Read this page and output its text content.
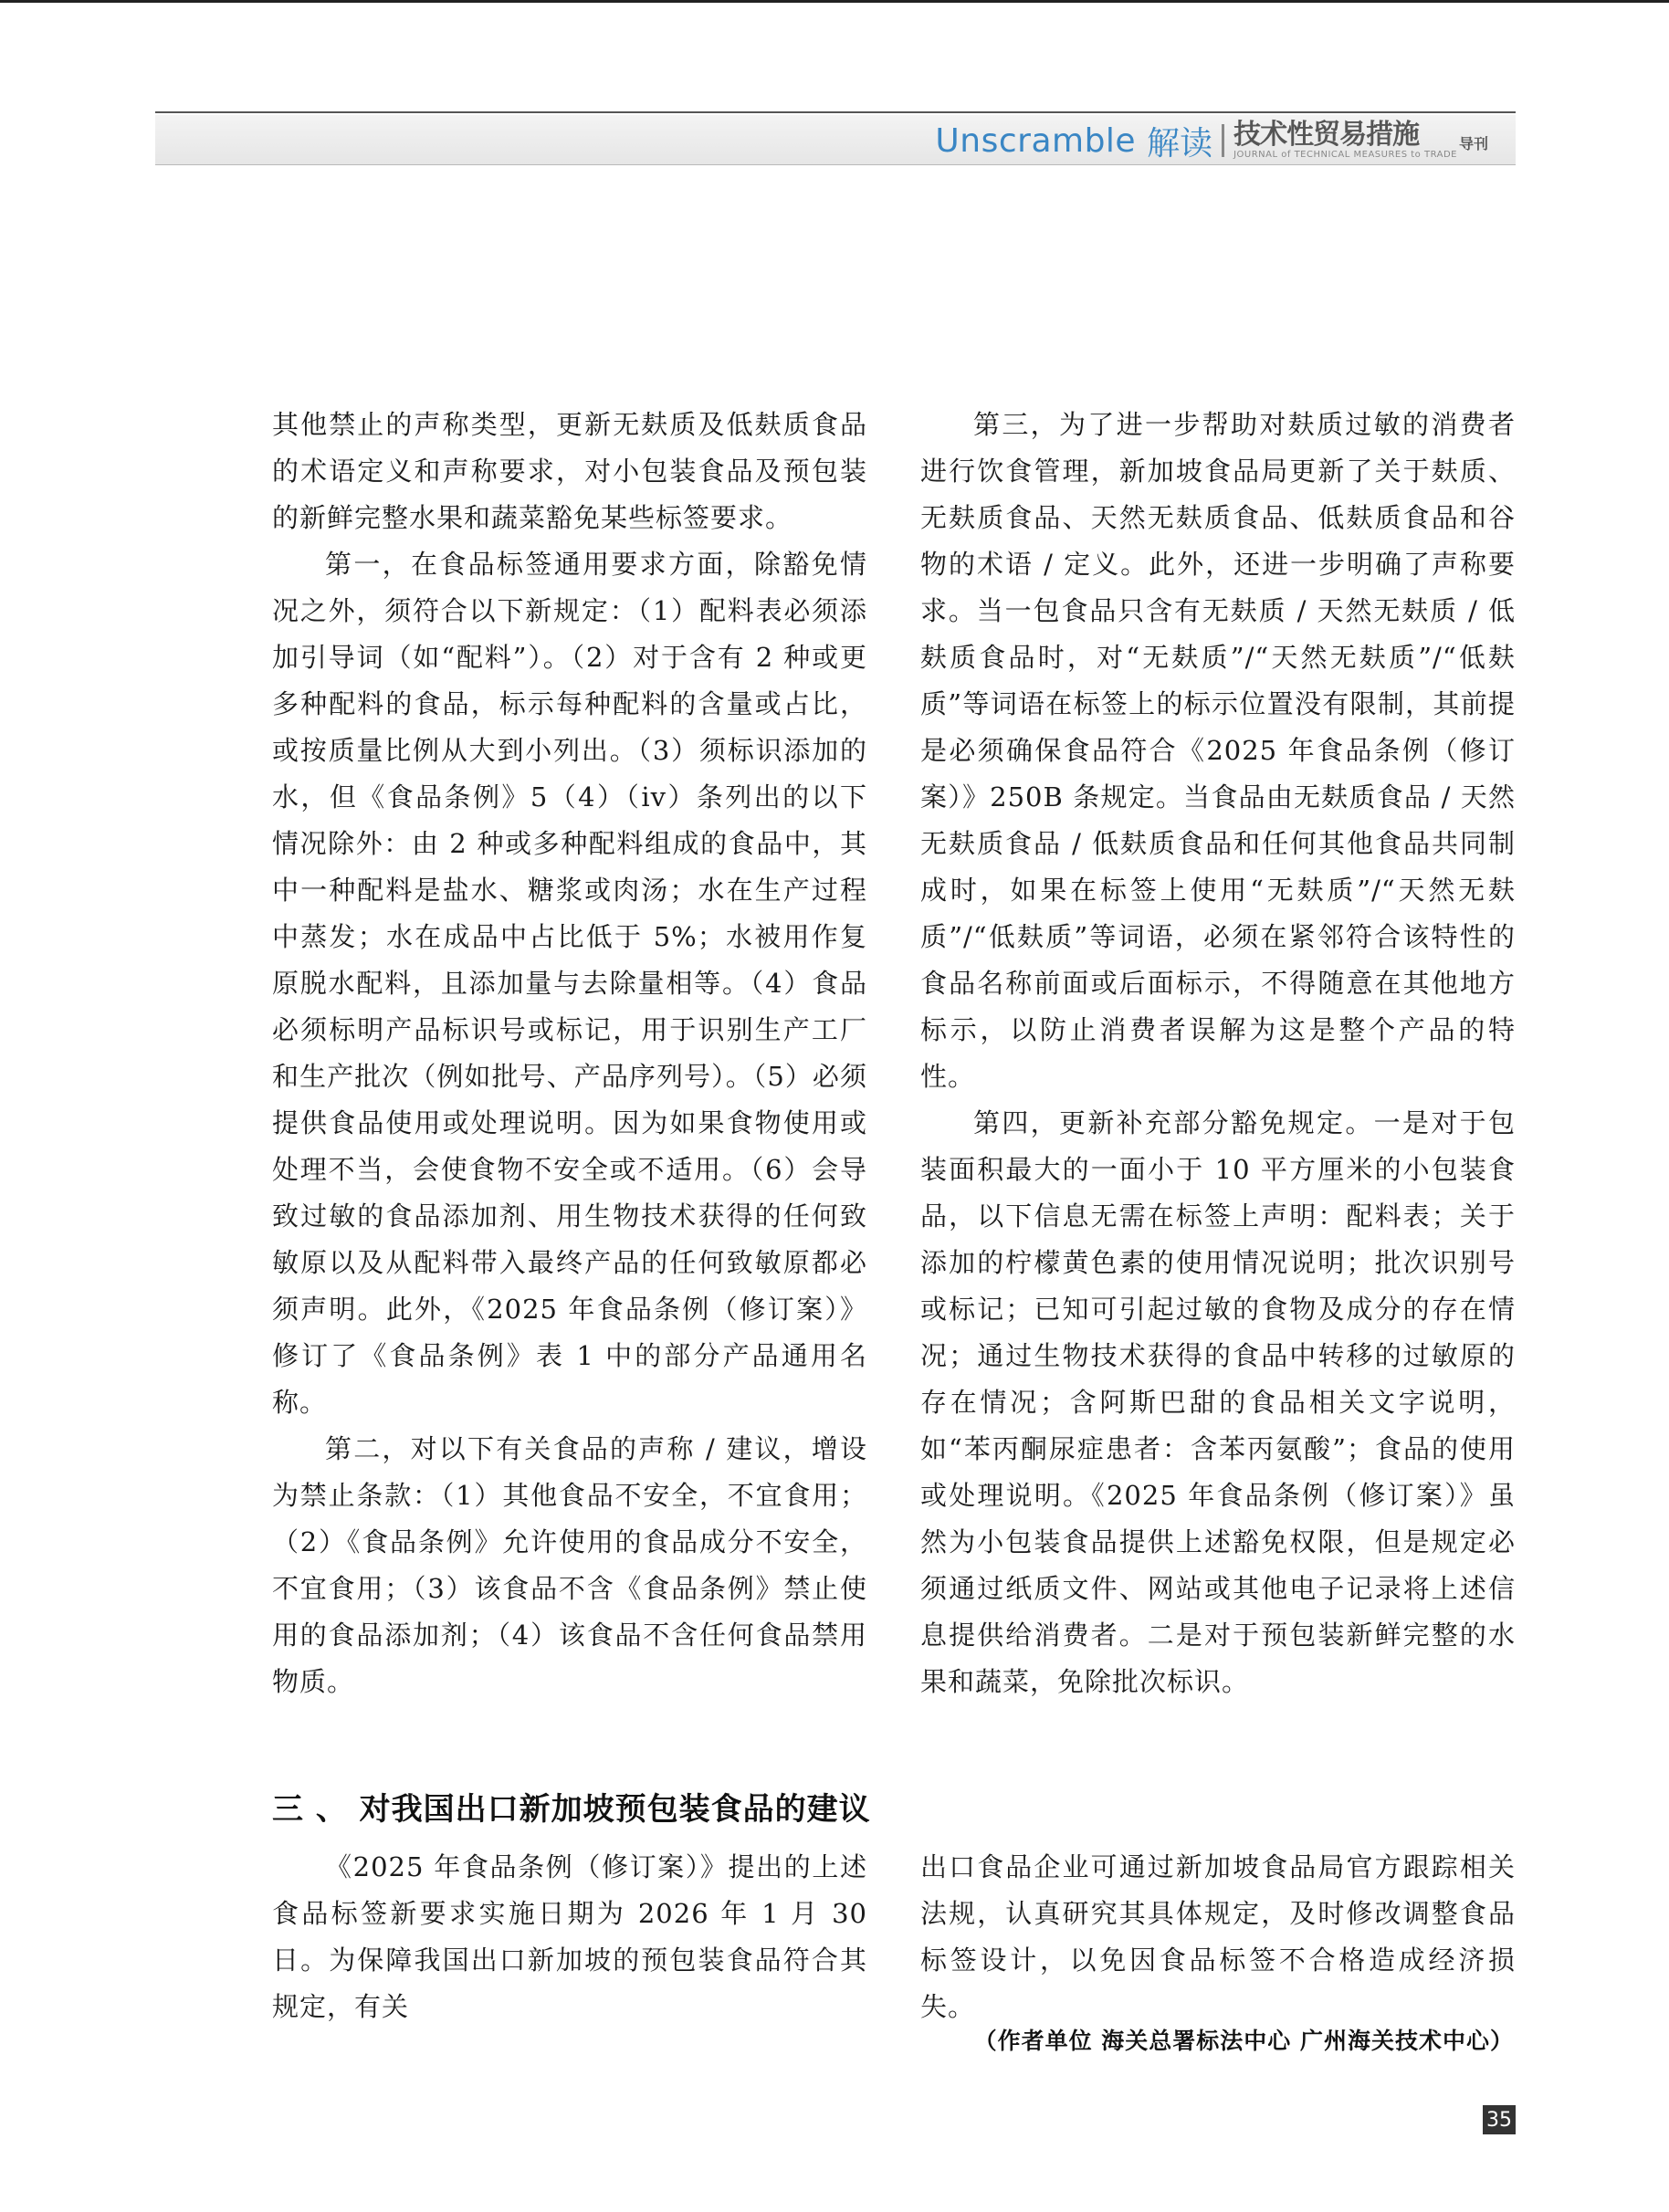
Unscramble 解读 技术性贸易措施
JOURNAL of TECHNICAL MEASURES to TRADE
导刊

其他禁止的声称类型，更新无麸质及低麸质食品的术语定义和声称要求，对小包装食品及预包装的新鲜完整水果和蔬菜豁免某些标签要求。

第一，在食品标签通用要求方面，除豁免情况之外，须符合以下新规定：（1）配料表必须添加引导词（如“配料”）。（2）对于含有 2 种或更多种配料的食品，标示每种配料的含量或占比，或按质量比例从大到小列出。（3）须标识添加的水，但《食品条例》5（4）（iv）条列出的以下情况除外：由 2 种或多种配料组成的食品中，其中一种配料是盐水、糖浆或肉汤；水在生产过程中蒸发；水在成品中占比低于 5%；水被用作复原脱水配料，且添加量与去除量相等。（4）食品必须标明产品标识号或标记，用于识别生产工厂和生产批次（例如批号、产品序列号）。（5）必须提供食品使用或处理说明。因为如果食物使用或处理不当，会使食物不安全或不适用。（6）会导致过敏的食品添加剂、用生物技术获得的任何致敏原以及从配料带入最终产品的任何致敏原都必须声明。此外，《2025 年食品条例（修订案）》修订了《食品条例》表 1 中的部分产品通用名称。

第二，对以下有关食品的声称 / 建议，增设为禁止条款：（1）其他食品不安全，不宜食用；（2）《食品条例》允许使用的食品成分不安全，不宜食用；（3）该食品不含《食品条例》禁止使用的食品添加剂；（4）该食品不含任何食品禁用物质。

第三，为了进一步帮助对麸质过敏的消费者进行饮食管理，新加坡食品局更新了关于麸质、无麸质食品、天然无麸质食品、低麸质食品和谷物的术语 / 定义。此外，还进一步明确了声称要求。当一包食品只含有无麸质 / 天然无麸质 / 低麸质食品时，对“无麸质”/“天然无麸质”/“低麸质”等词语在标签上的标示位置没有限制，其前提是必须确保食品符合《2025 年食品条例（修订案）》250B 条规定。当食品由无麸质食品 / 天然无麸质食品 / 低麸质食品和任何其他食品共同制成时，如果在标签上使用“无麸质”/“天然无麸质”/“低麸质”等词语，必须在紧邻符合该特性的食品名称前面或后面标示，不得随意在其他地方标示，以防止消费者误解为这是整个产品的特性。

第四，更新补充部分豁免规定。一是对于包装面积最大的一面小于 10 平方厘米的小包装食品，以下信息无需在标签上声明：配料表；关于添加的柠檬黄色素的使用情况说明；批次识别号或标记；已知可引起过敏的食物及成分的存在情况；通过生物技术获得的食品中转移的过敏原的存在情况；含阿斯巴甜的食品相关文字说明，如“苯丙酮尿症患者：含苯丙氨酸”；食品的使用或处理说明。《2025 年食品条例（修订案）》虽然为小包装食品提供上述豁免权限，但是规定必须通过纸质文件、网站或其他电子记录将上述信息提供给消费者。二是对于预包装新鲜完整的水果和蔬菜，免除批次标识。

三 、 对我国出口新加坡预包装食品的建议

《2025 年食品条例（修订案）》提出的上述食品标签新要求实施日期为 2026 年 1 月 30 日。为保障我国出口新加坡的预包装食品符合其规定，有关

出口食品企业可通过新加坡食品局官方跟踪相关法规，认真研究其具体规定，及时修改调整食品标签设计，以免因食品标签不合格造成经济损失。

（作者单位 海关总署标法中心 广州海关技术中心）
35
